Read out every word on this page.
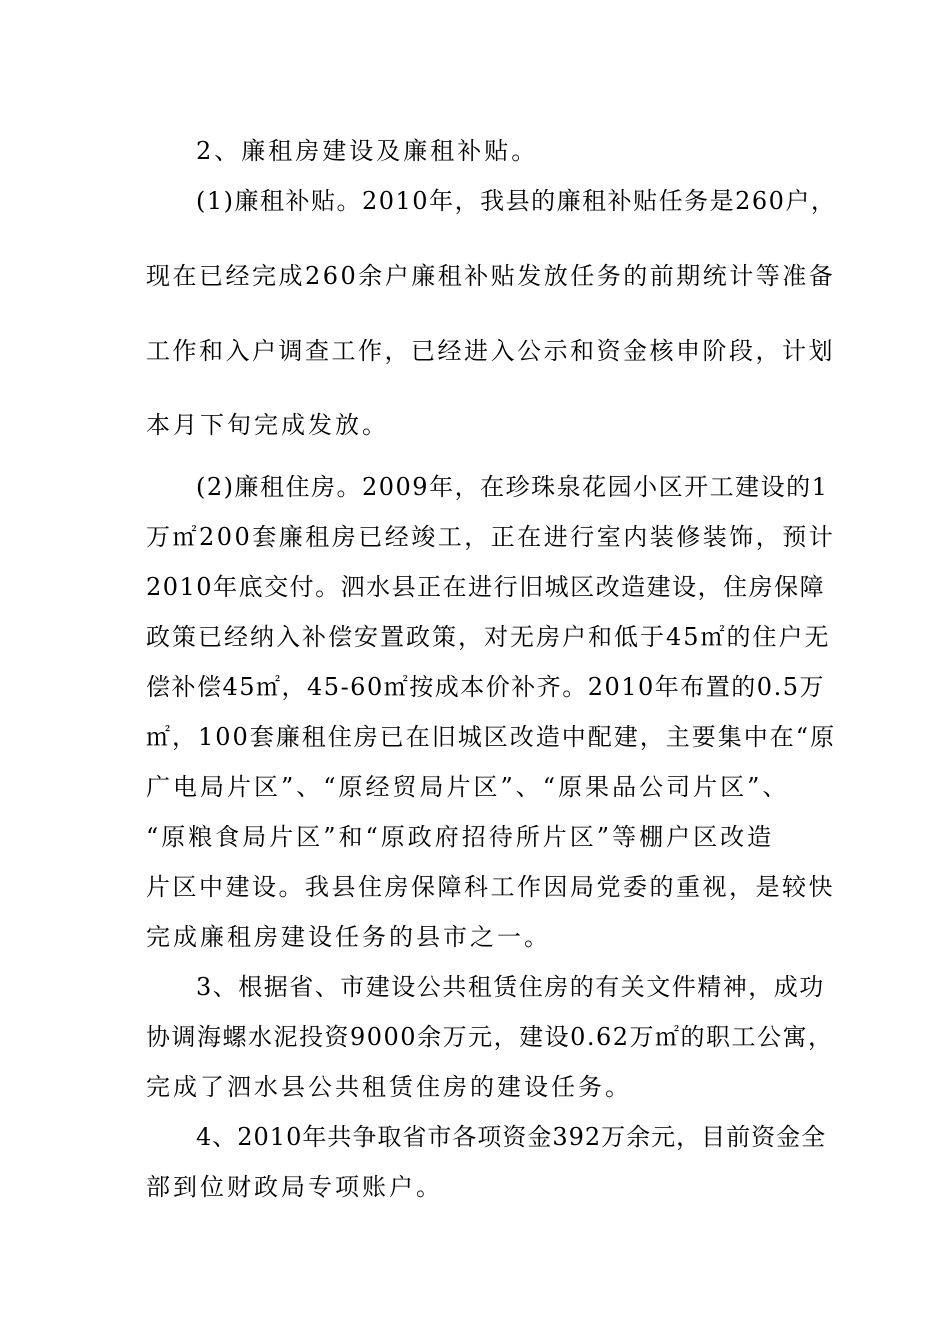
2、廉租房建设及廉租补贴。
(1)廉租补贴。2010年，我县的廉租补贴任务是260户，
现在已经完成260余户廉租补贴发放任务的前期统计等准备
工作和入户调查工作，已经进入公示和资金核申阶段，计划
本月下旬完成发放。
(2)廉租住房。2009年，在珍珠泉花园小区开工建设的1
万㎡200套廉租房已经竣工，正在进行室内装修装饰，预计
2010年底交付。泗水县正在进行旧城区改造建设，住房保障
政策已经纳入补偿安置政策，对无房户和低于45㎡的住户无
偿补偿45㎡，45-60㎡按成本价补齐。2010年布置的0.5万
㎡，100套廉租住房已在旧城区改造中配建，主要集中在“原
广电局片区”、“原经贸局片区”、“原果品公司片区”、
“原粮食局片区”和“原政府招待所片区”等棚户区改造
片区中建设。我县住房保障科工作因局党委的重视，是较快
完成廉租房建设任务的县市之一。
3、根据省、市建设公共租赁住房的有关文件精神，成功
协调海螺水泥投资9000余万元，建设0.62万㎡的职工公寓，
完成了泗水县公共租赁住房的建设任务。
4、2010年共争取省市各项资金392万余元，目前资金全
部到位财政局专项账户。
